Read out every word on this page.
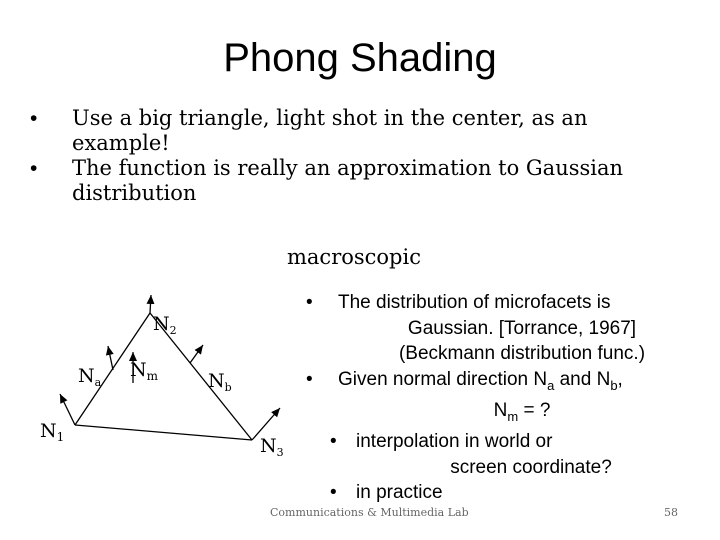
Phong Shading
•	Use a big triangle, light shot in the center, as an
example!
•	The function is really an approximation to Gaussian
distribution
macroscopic
$N_2$
$N_a$
$N_m$	$N_b$
$N_1$	$N_3$
•	The distribution of microfacets is

Gaussian. [Torrance, 1967]
(Beckmann distribution func.)
•	Given normal direction $N_a$ and $N_b$,

$N_m$ = ?
•	interpolation in world or

screen coordinate?
•	in practice
Communications & Multimedia Lab	58
